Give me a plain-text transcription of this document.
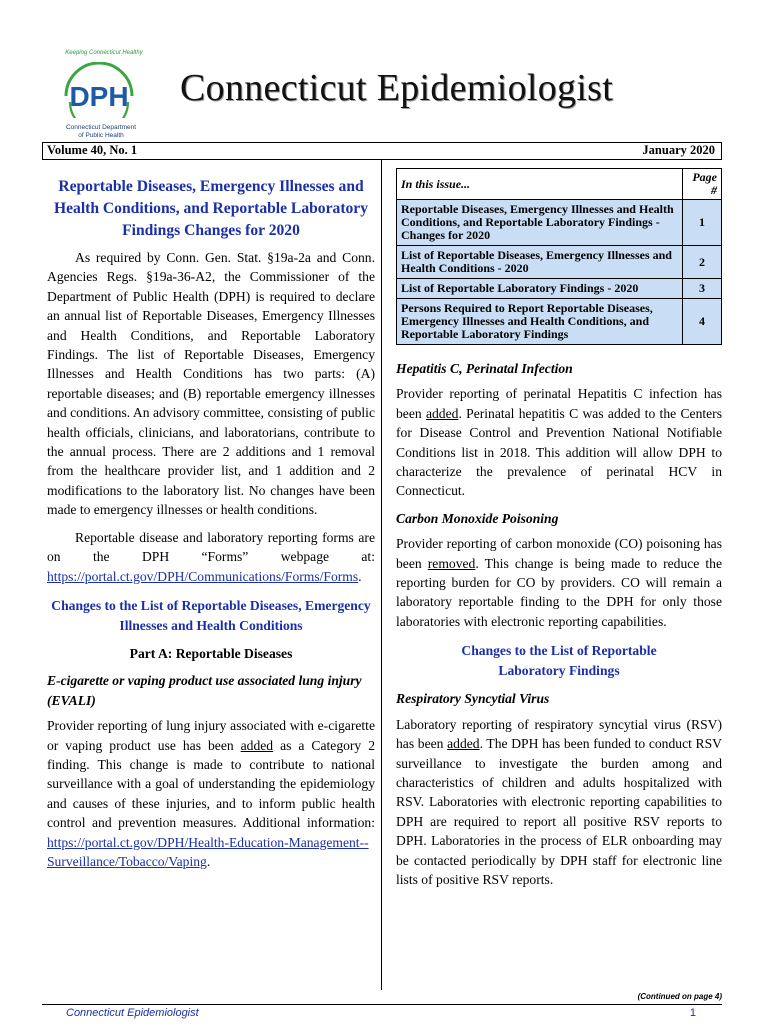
Keeping Connecticut Healthy
DPH
Connecticut Department
of Public Health
Connecticut Epidemiologist
Volume 40, No. 1	January 2020
Reportable Diseases, Emergency Illnesses and Health Conditions, and Reportable Laboratory Findings Changes for 2020

As required by Conn. Gen. Stat. §19a-2a and Conn. Agencies Regs. §19a-36-A2, the Commissioner of the Department of Public Health (DPH) is required to declare an annual list of Reportable Diseases, Emergency Illnesses and Health Conditions, and Reportable Laboratory Findings. The list of Reportable Diseases, Emergency Illnesses and Health Conditions has two parts: (A) reportable diseases; and (B) reportable emergency illnesses and conditions. An advisory committee, consisting of public health officials, clinicians, and laboratorians, contribute to the annual process. There are 2 additions and 1 removal from the healthcare provider list, and 1 addition and 2 modifications to the laboratory list. No changes have been made to emergency illnesses or health conditions.

Reportable disease and laboratory reporting forms are on the DPH “Forms” webpage at: https://portal.ct.gov/DPH/Communications/Forms/Forms.

Changes to the List of Reportable Diseases, Emergency Illnesses and Health Conditions
Part A: Reportable Diseases
E-cigarette or vaping product use associated lung injury (EVALI)

Provider reporting of lung injury associated with e-cigarette or vaping product use has been added as a Category 2 finding. This change is made to contribute to national surveillance with a goal of understanding the epidemiology and causes of these injuries, and to inform public health control and prevention measures. Additional information: https://portal.ct.gov/DPH/Health-Education-Management--Surveillance/Tobacco/Vaping.

In this issue...	Page #
Reportable Diseases, Emergency Illnesses and Health Conditions, and Reportable Laboratory Findings - Changes for 2020	1
List of Reportable Diseases, Emergency Illnesses and Health Conditions - 2020	2
List of Reportable Laboratory Findings - 2020	3
Persons Required to Report Reportable Diseases, Emergency Illnesses and Health Conditions, and Reportable Laboratory Findings	4
Hepatitis C, Perinatal Infection

Provider reporting of perinatal Hepatitis C infection has been added. Perinatal hepatitis C was added to the Centers for Disease Control and Prevention National Notifiable Conditions list in 2018. This addition will allow DPH to characterize the prevalence of perinatal HCV in Connecticut.

Carbon Monoxide Poisoning

Provider reporting of carbon monoxide (CO) poisoning has been removed. This change is being made to reduce the reporting burden for CO by providers. CO will remain a laboratory reportable finding to the DPH for only those laboratories with electronic reporting capabilities.

Changes to the List of Reportable Laboratory Findings
Respiratory Syncytial Virus

Laboratory reporting of respiratory syncytial virus (RSV) has been added. The DPH has been funded to conduct RSV surveillance to investigate the burden among and characteristics of children and adults hospitalized with RSV. Laboratories with electronic reporting capabilities to DPH are required to report all positive RSV reports to DPH. Laboratories in the process of ELR onboarding may be contacted periodically by DPH staff for electronic line lists of positive RSV reports.

(Continued on page 4)
Connecticut Epidemiologist	1
